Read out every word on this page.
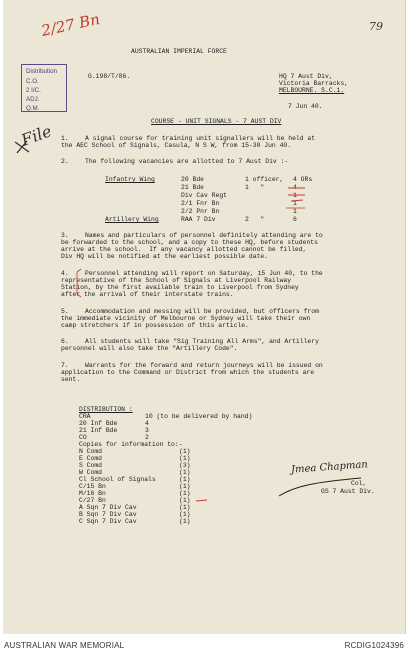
2/27 Bn	79
AUSTRALIAN IMPERIAL FORCE
Distribution
C.O.
2 I/C.
ADJ.
Q.M.
G.198/T/86.	HQ 7 Aust Div,
Victoria Barracks,
MELBOURNE. S.C.1.
7 Jun 40.
File	COURSE - UNIT SIGNALS - 7 AUST DIV
1.	A signal course for training unit signallers will be held at
the AEC School of Signals, Casula, N S W, from 15-30 Jun 40.
2.	The following vacancies are allotted to 7 Aust Div :-
Infantry Wing	20 Bde	1 officer, 4 ORs
21 Bde	1   "	4
Div Cav Regt	1
2/1 Fnr Bn	1
2/2 Pnr Bn	1
Artillery Wing	RAA 7 Div	2   "	6
3.	Names and particulars of personnel definitely attending are to
be forwarded to the school, and a copy to these HQ, before students
arrive at the school.  If any vacancy allotted cannot be filled,
Div HQ will be notified at the earliest possible date.
4.	Personnel attending will report on Saturday, 15 Jun 40, to the
representative of the School of Signals at Liverpool Railway
Station, by the first available train to Liverpool from Sydney
after the arrival of their interstate trains.
5.	Accommodation and messing will be provided, but officers from
the immediate vicinity of Melbourne or Sydney will take their own
camp stretchers if in possession of this article.
6.	All students will take "Sig Training All Arms", and Artillery
personnel will also take the "Artillery Code".
7.	Warrants for the forward and return journeys will be issued on
application to the Command or District from which the students are
sent.
DISTRIBUTION :
CRA	10 (to be delivered by hand)
20 Inf Bde	4
21 Inf Bde	3
CO	2
Copies for information to:-
N Comd	(1)
E Comd	(1)
S Comd	(3)
W Comd	(1)
Cl School of Signals	(1)
C/15 Bn	(1)
M/16 Bn	(1)
C/27 Bn	(1)
A Sqn 7 Div Cav	(1)
B Sqn 7 Div Cav	(1)
C Sqn 7 Div Cav	(1)
Jmea Chapman
Col,
GS 7 Aust Div.
AUSTRALIAN WAR MEMORIAL	RCDIG1024396
